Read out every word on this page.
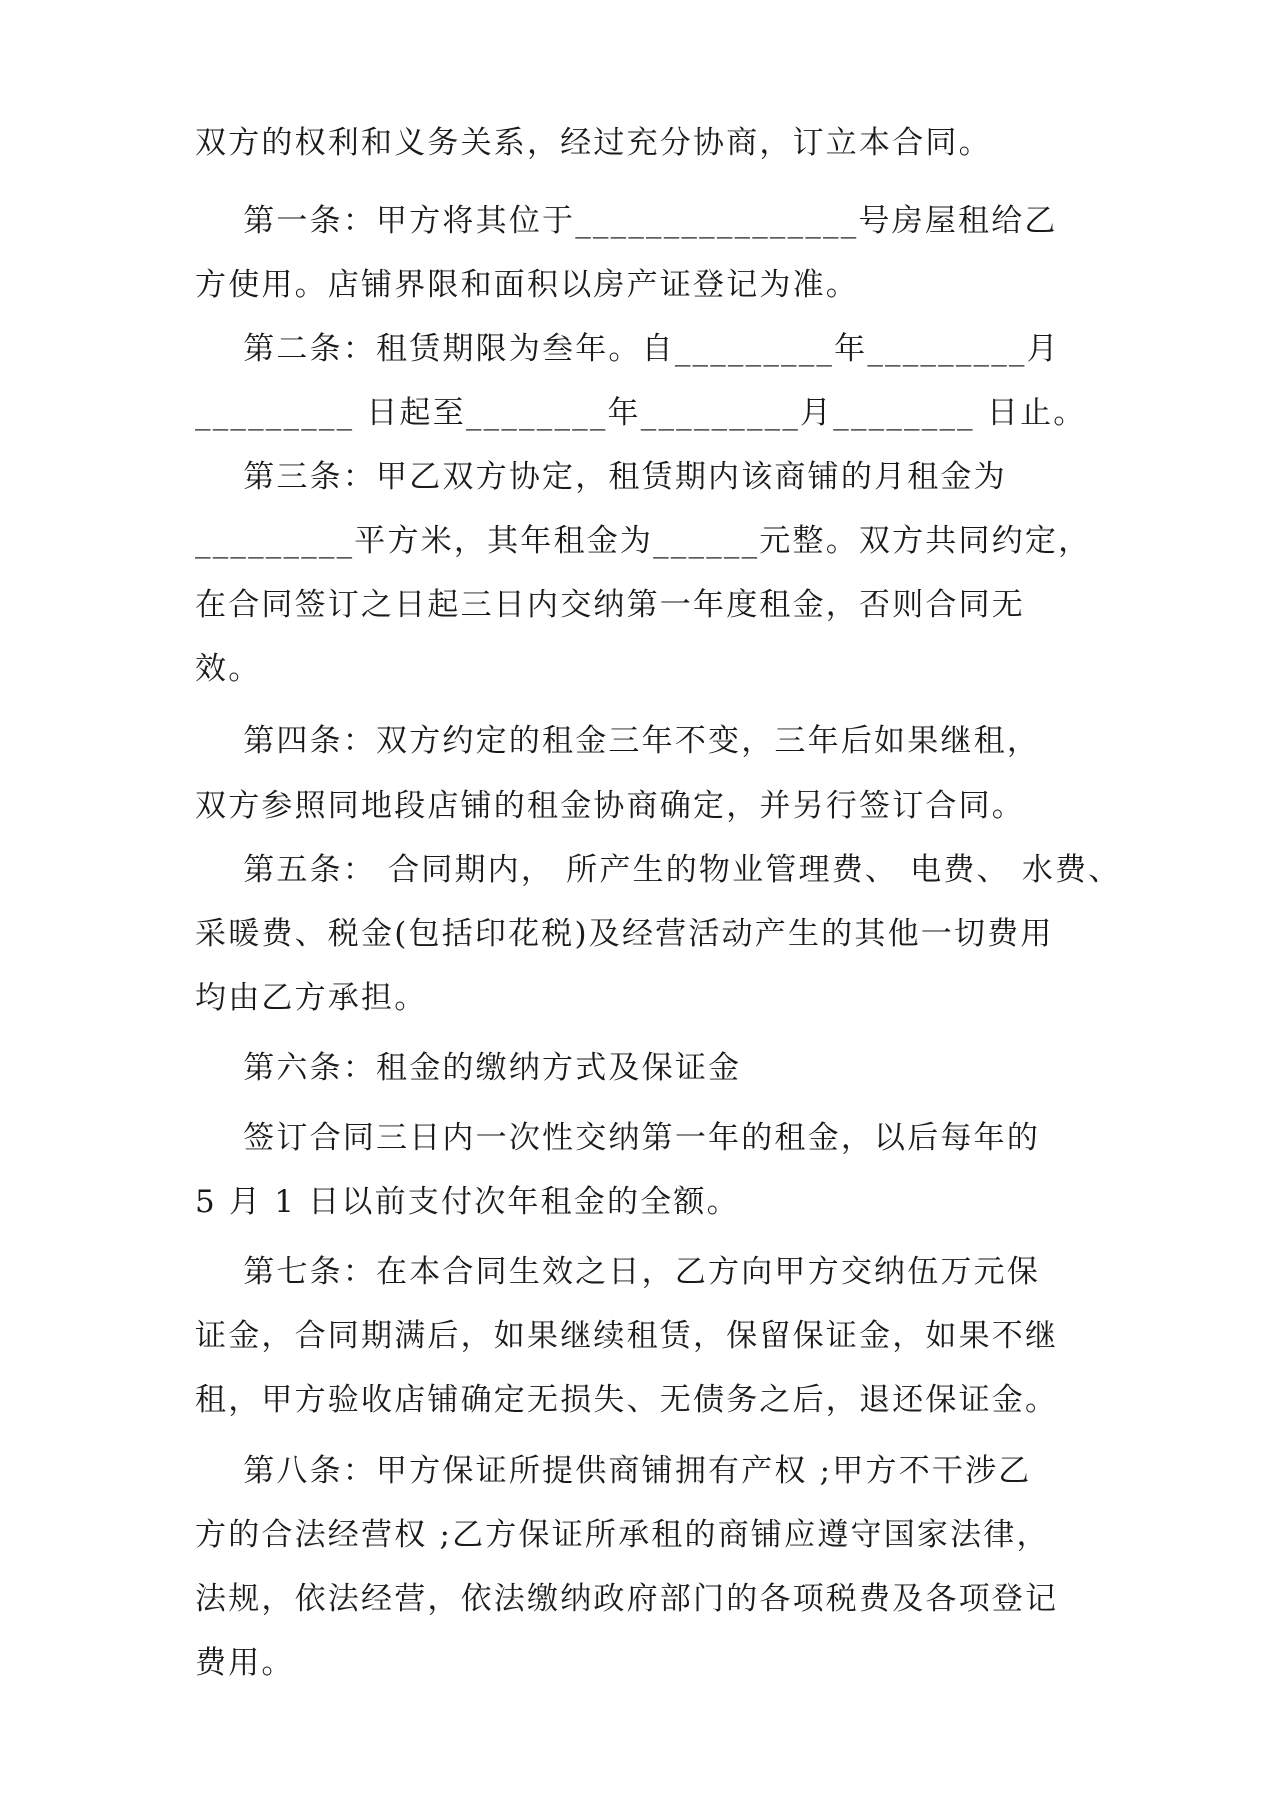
双方的权利和义务关系，经过充分协商，订立本合同。
第一条：甲方将其位于________________号房屋租给乙
方使用。店铺界限和面积以房产证登记为准。
第二条：租赁期限为叁年。自_________年_________月
_________ 日起至________年_________月________ 日止。
第三条：甲乙双方协定，租赁期内该商铺的月租金为
_________平方米，其年租金为______元整。双方共同约定，
在合同签订之日起三日内交纳第一年度租金，否则合同无
效。
第四条：双方约定的租金三年不变，三年后如果继租，
双方参照同地段店铺的租金协商确定，并另行签订合同。
第五条： 合同期内， 所产生的物业管理费、 电费、 水费、
采暖费、税金(包括印花税)及经营活动产生的其他一切费用
均由乙方承担。
第六条：租金的缴纳方式及保证金
签订合同三日内一次性交纳第一年的租金，以后每年的
5 月 1 日以前支付次年租金的全额。
第七条：在本合同生效之日，乙方向甲方交纳伍万元保
证金，合同期满后，如果继续租赁，保留保证金，如果不继
租，甲方验收店铺确定无损失、无债务之后，退还保证金。
第八条：甲方保证所提供商铺拥有产权 ;甲方不干涉乙
方的合法经营权 ;乙方保证所承租的商铺应遵守国家法律，
法规，依法经营，依法缴纳政府部门的各项税费及各项登记
费用。
